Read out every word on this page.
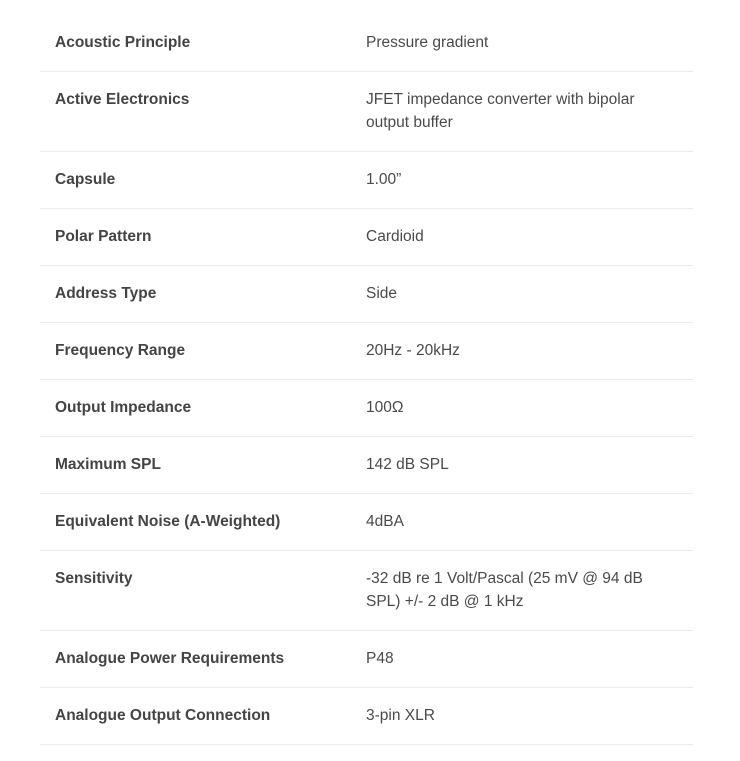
Acoustic Principle	Pressure gradient
Active Electronics	JFET impedance converter with bipolar output buffer
Capsule	1.00”
Polar Pattern	Cardioid
Address Type	Side
Frequency Range	20Hz - 20kHz
Output Impedance	100Ω
Maximum SPL	142 dB SPL
Equivalent Noise (A-Weighted)	4dBA
Sensitivity	-32 dB re 1 Volt/Pascal (25 mV @ 94 dB SPL) +/- 2 dB @ 1 kHz
Analogue Power Requirements	P48
Analogue Output Connection	3-pin XLR
